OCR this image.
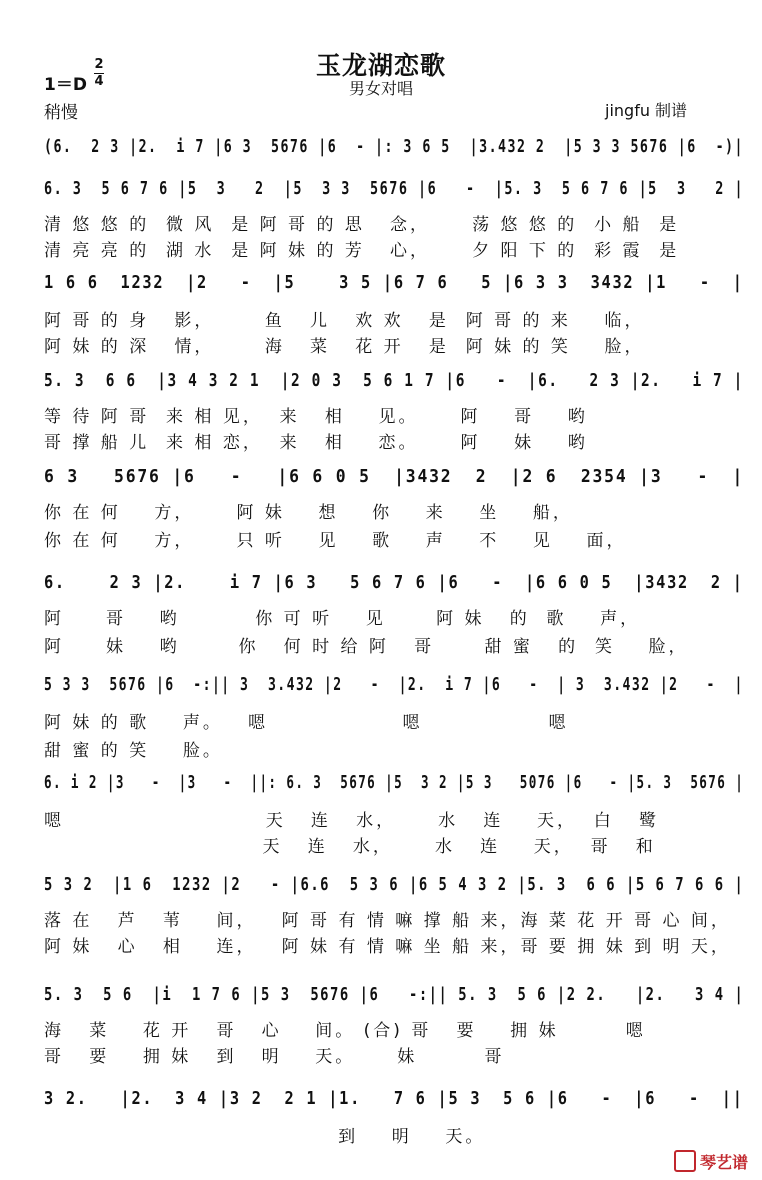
玉龙湖恋歌
男女对唱
1＝D
2
4
稍慢	jingfu 制谱
(6.  2 3 |2.  i 7 |6 3  5676 |6  - |: 3 6 5  |3.432 2  |5 3 3 5676 |6  -)|
6. 3  5 6 7 6 |5  3   2  |5  3 3  5676 |6   -  |5. 3  5 6 7 6 |5  3   2 |
清 悠 悠 的  微 风  是 阿 哥 的 思   念，     荡 悠 悠 的  小 船  是
清 亮 亮 的  湖 水  是 阿 妹 的 芳   心，     夕 阳 下 的  彩 霞  是
1 6 6  1232  |2   -  |5    3 5 |6 7 6   5 |6 3 3  3432 |1   -  |
阿 哥 的 身   影，      鱼   儿   欢 欢   是  阿 哥 的 来    临，
阿 妹 的 深   情，      海   菜   花 开   是  阿 妹 的 笑    脸，
5. 3  6 6  |3 4 3 2 1  |2 0 3  5 6 1 7 |6   -  |6.   2 3 |2.   i 7 |
等 待 阿 哥  来 相 见，  来   相    见。     阿    哥    哟
哥 撑 船 儿  来 相 恋，  来   相    恋。     阿    妹    哟
6 3   5676 |6   -   |6 6 0 5  |3432  2  |2 6  2354 |3   -  |
你 在 何    方，     阿 妹    想    你    来    坐    船，
你 在 何    方，     只 听    见    歌    声    不    见    面，
6.    2 3 |2.    i 7 |6 3   5 6 7 6 |6   -  |6 6 0 5  |3432  2 |
阿     哥    哟         你 可 听    见      阿 妹   的  歌    声，
阿     妹    哟       你   何 时 给 阿   哥      甜 蜜   的  笑    脸，
5 3 3  5676 |6  -:|| 3  3.432 |2   -  |2.  i 7 |6   -  | 3  3.432 |2   -  |
阿 妹 的 歌    声。   嗯                嗯               嗯
甜 蜜 的 笑    脸。
6. i 2 |3   -  |3   -  ||: 6. 3  5676 |5  3 2 |5 3   5076 |6   - |5. 3  5676 |
嗯                        天   连   水，     水   连    天，  白   鹭
天   连   水，     水   连    天，  哥   和
5 3 2  |1 6  1232 |2   - |6.6  5 3 6 |6 5 4 3 2 |5. 3  6 6 |5 6 7 6 6 |
落 在   芦   苇    间，   阿 哥 有 情 嘛 撑 船 来，海 菜 花 开 哥 心 间，
阿 妹   心   相    连，   阿 妹 有 情 嘛 坐 船 来，哥 要 拥 妹 到 明 天，
5. 3  5 6  |i  1 7 6 |5 3  5676 |6   -:|| 5. 3  5 6 |2 2.   |2.   3 4 |
海   菜    花 开   哥   心    间。 (合) 哥   要    拥 妹        嗯
哥   要    拥 妹   到   明    天。     妹        哥
3 2.   |2.  3 4 |3 2  2 1 |1.   7 6 |5 3  5 6 |6   -  |6   -  ||
到    明    天。
琴艺谱
